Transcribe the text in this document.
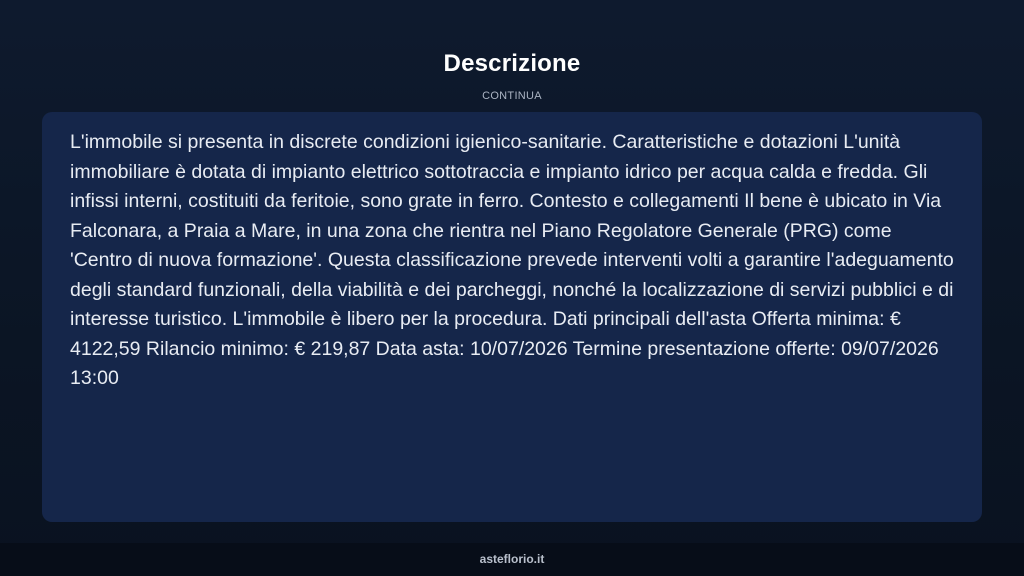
Descrizione
CONTINUA

L'immobile si presenta in discrete condizioni igienico-sanitarie. Caratteristiche e dotazioni L'unità immobiliare è dotata di impianto elettrico sottotraccia e impianto idrico per acqua calda e fredda. Gli infissi interni, costituiti da feritoie, sono grate in ferro. Contesto e collegamenti Il bene è ubicato in Via Falconara, a Praia a Mare, in una zona che rientra nel Piano Regolatore Generale (PRG) come 'Centro di nuova formazione'. Questa classificazione prevede interventi volti a garantire l'adeguamento degli standard funzionali, della viabilità e dei parcheggi, nonché la localizzazione di servizi pubblici e di interesse turistico. L'immobile è libero per la procedura. Dati principali dell'asta Offerta minima: € 4122,59 Rilancio minimo: € 219,87 Data asta: 10/07/2026 Termine presentazione offerte: 09/07/2026 13:00

asteflorio.it
